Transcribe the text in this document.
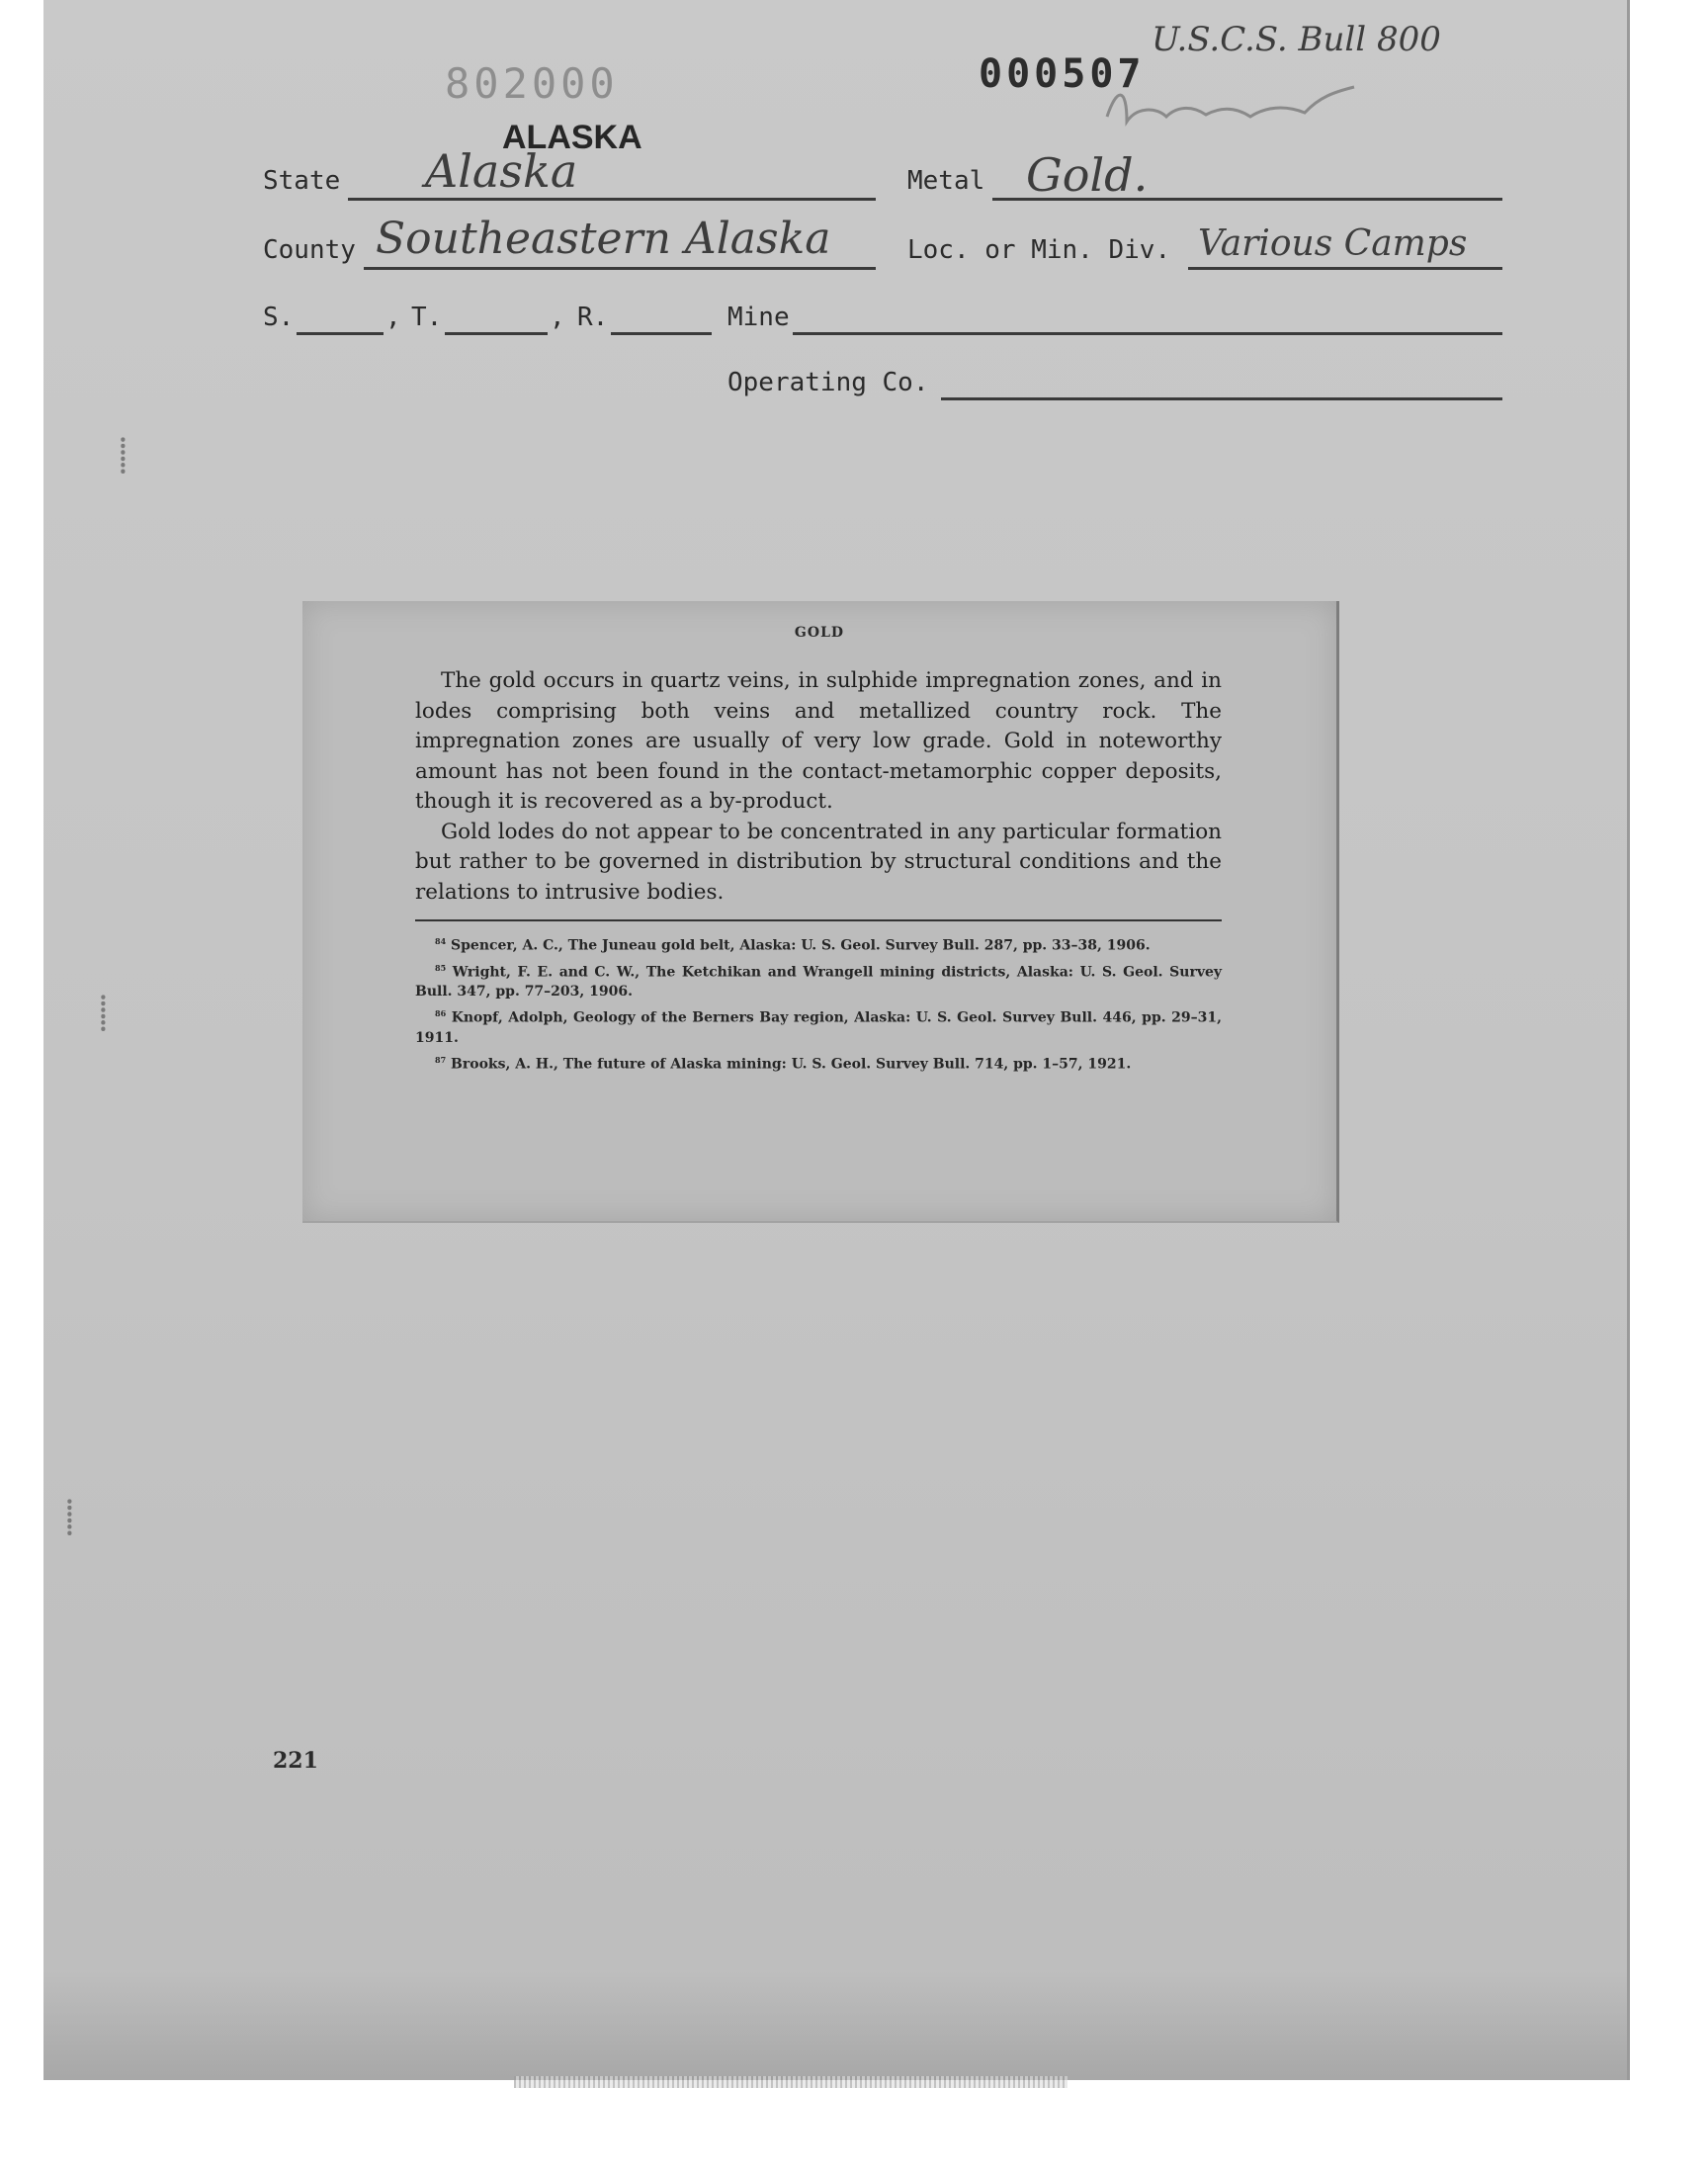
802000	000507
U.S.C.S. Bull 800
ALASKA
State Alaska	Metal Gold.
County Southeastern Alaska	Loc. or Min. Div. Various Camps
S.	, T.	, R.	Mine
Operating Co.
⸽
⸽
⸽
GOLD

The gold occurs in quartz veins, in sulphide impregnation zones, and in lodes comprising both veins and metallized country rock. The impregnation zones are usually of very low grade. Gold in noteworthy amount has not been found in the contact-metamorphic copper deposits, though it is recovered as a by-product.

Gold lodes do not appear to be concentrated in any particular formation but rather to be governed in distribution by structural conditions and the relations to intrusive bodies.

$^{84}$ Spencer, A. C., The Juneau gold belt, Alaska: U. S. Geol. Survey Bull. 287, pp. 33–38, 1906.

$^{85}$ Wright, F. E. and C. W., The Ketchikan and Wrangell mining districts, Alaska: U. S. Geol. Survey Bull. 347, pp. 77–203, 1906.

$^{86}$ Knopf, Adolph, Geology of the Berners Bay region, Alaska: U. S. Geol. Survey Bull. 446, pp. 29–31, 1911.

$^{87}$ Brooks, A. H., The future of Alaska mining: U. S. Geol. Survey Bull. 714, pp. 1–57, 1921.

221
